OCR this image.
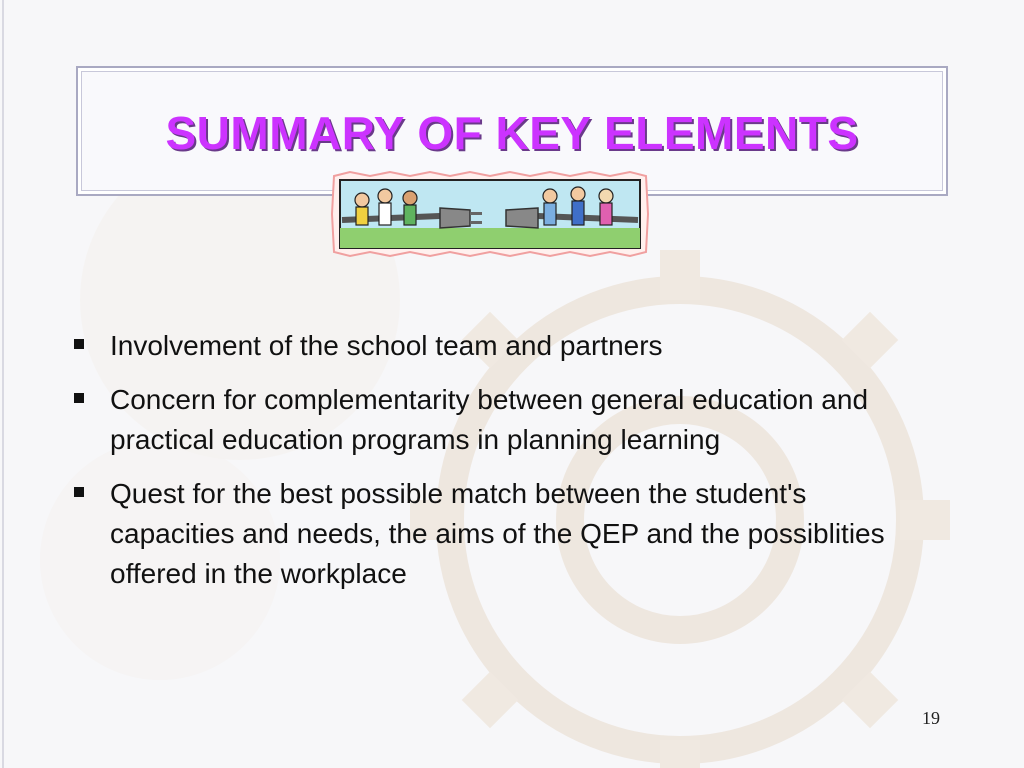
SUMMARY OF KEY ELEMENTS
Involvement of the school team and partners
Concern for complementarity between general education and practical education programs in planning learning
Quest for the best possible match between the student's capacities and needs, the aims of the QEP and the possiblities offered in the workplace
19
